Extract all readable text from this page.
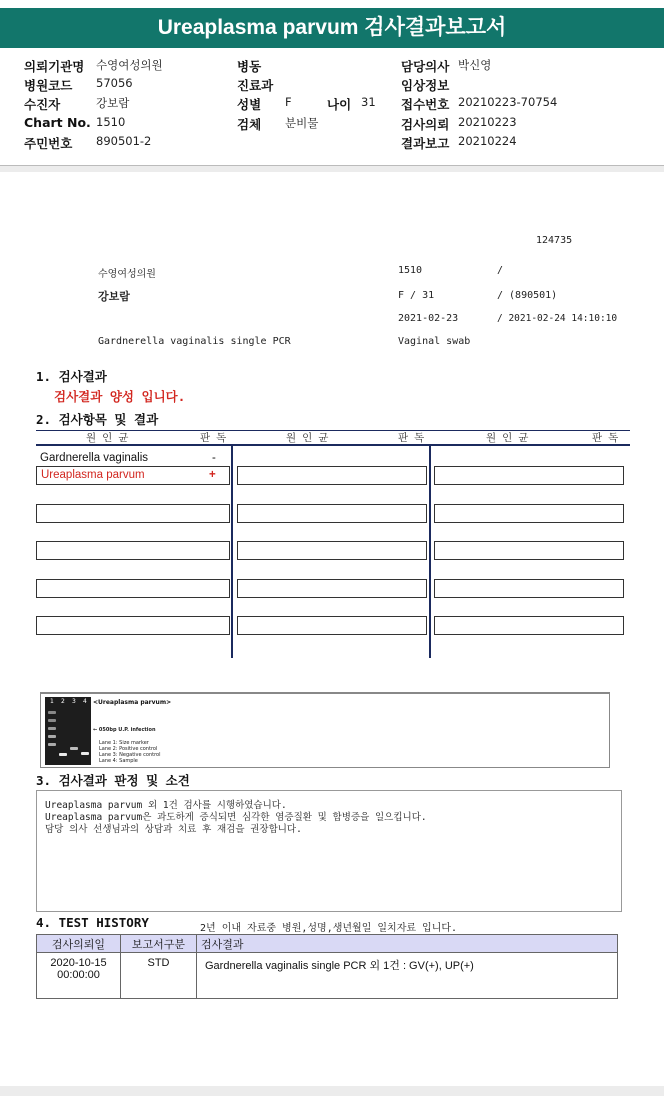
Ureaplasma parvum 검사결과보고서
의뢰기관명 수영여성의원
병원코드 57056
수진자	강보람
Chart No. 1510
주민번호 890501-2
병동
진료과
성별 F	나이 31
검체 분비물
담당의사 박신영
임상정보
접수번호 20210223-70754
검사의뢰 20210223
결과보고 20210224
124735
수영여성의원	1510	/
강보람	F / 31	/ (890501)
2021-02-23	/ 2021-02-24 14:10:10
Gardnerella vaginalis single PCR	Vaginal swab
1. 검사결과
검사결과 양성 입니다.
2. 검사항목 및 결과
원인균	판독	원인균	판독	원인균	판독
Gardnerella vaginalis	-
Ureaplasma parvum	+
1 2 3 4 <Ureaplasma parvum>
← 050bp U.P. infection
Lane 1: Size marker
Lane 2: Positive control
Lane 3: Negative control
Lane 4: Sample
3. 검사결과 판정 및 소견
Ureaplasma parvum 외 1건 검사를 시행하였습니다.
Ureaplasma parvum은 과도하게 증식되면 심각한 염증질환 및 합병증을 일으킵니다.
담당 의사 선생님과의 상담과 치료 후 재검을 권장합니다.
4. TEST HISTORY	2년 이내 자료중 병원,성명,생년월일 일치자료 입니다.
검사의뢰일	보고서구분	검사결과

2020-10-15
00:00:00	STD	Gardnerella vaginalis single PCR 외 1건 : GV(+), UP(+)
